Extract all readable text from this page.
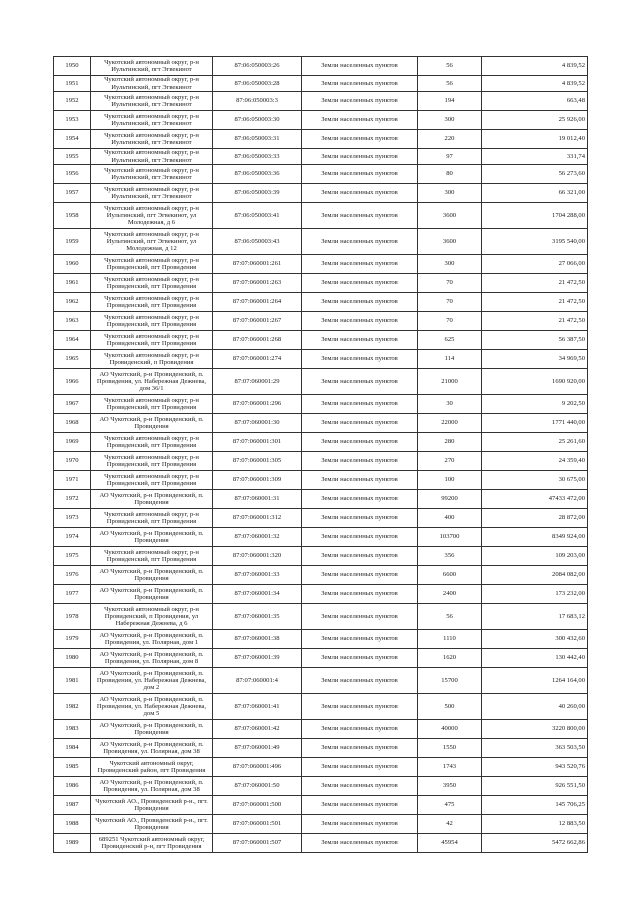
1950	Чукотский автономный округ, р-н Иультинский, пгт Эгвекинот	87:06:050003:26	Земли населенных пунктов	56	4 839,52
1951	Чукотский автономный округ, р-н Иультинский, пгт Эгвекинот	87:06:050003:28	Земли населенных пунктов	56	4 839,52
1952	Чукотский автономный округ, р-н Иультинский, пгт Эгвекинот	87:06:050003:3	Земли населенных пунктов	194	663,48
1953	Чукотский автономный округ, р-н Иультинский, пгт Эгвекинот	87:06:050003:30	Земли населенных пунктов	300	25 926,00
1954	Чукотский автономный округ, р-н Иультинский, пгт Эгвекинот	87:06:050003:31	Земли населенных пунктов	220	19 012,40
1955	Чукотский автономный округ, р-н Иультинский, пгт Эгвекинот	87:06:050003:33	Земли населенных пунктов	97	331,74
1956	Чукотский автономный округ, р-н Иультинский, пгт Эгвекинот	87:06:050003:36	Земли населенных пунктов	80	56 273,60
1957	Чукотский автономный округ, р-н Иультинский, пгт Эгвекинот	87:06:050003:39	Земли населенных пунктов	300	66 321,00
1958	Чукотский автономный округ, р-н Иультинский, пгт Эгвекинот, ул Молодежная, д 6	87:06:050003:41	Земли населенных пунктов	3600	1704 288,00
1959	Чукотский автономный округ, р-н Иультинский, пгт Эгвекинот, ул Молодежная, д 12	87:06:050003:43	Земли населенных пунктов	3600	3195 540,00
1960	Чукотский автономный округ, р-н Провиденский, пгт Провидения	87:07:060001:261	Земли населенных пунктов	300	27 066,00
1961	Чукотский автономный округ, р-н Провиденский, пгт Провидения	87:07:060001:263	Земли населенных пунктов	70	21 472,50
1962	Чукотский автономный округ, р-н Провиденский, пгт Провидения	87:07:060001:264	Земли населенных пунктов	70	21 472,50
1963	Чукотский автономный округ, р-н Провиденский, пгт Провидения	87:07:060001:267	Земли населенных пунктов	70	21 472,50
1964	Чукотский автономный округ, р-н Провиденский, пгт Провидения	87:07:060001:268	Земли населенных пунктов	625	56 387,50
1965	Чукотский автономный округ, р-н Провиденский, п Провидения	87:07:060001:274	Земли населенных пунктов	114	34 969,50
1966	АО Чукотский, р-н Провиденский, п. Провидения, ул. Набережная Дежнева, дом 36/1	87:07:060001:29	Земли населенных пунктов	21000	1690 920,00
1967	Чукотский автономный округ, р-н Провиденский, пгт Провидения	87:07:060001:296	Земли населенных пунктов	30	9 202,50
1968	АО Чукотский, р-н Провиденский, п. Провидения	87:07:060001:30	Земли населенных пунктов	22000	1771 440,00
1969	Чукотский автономный округ, р-н Провиденский, пгт Провидения	87:07:060001:301	Земли населенных пунктов	280	25 261,60
1970	Чукотский автономный округ, р-н Провиденский, пгт Провидения	87:07:060001:305	Земли населенных пунктов	270	24 359,40
1971	Чукотский автономный округ, р-н Провиденский, пгт Провидения	87:07:060001:309	Земли населенных пунктов	100	30 675,00
1972	АО Чукотский, р-н Провиденский, п. Провидения	87:07:060001:31	Земли населенных пунктов	99200	47433 472,00
1973	Чукотский автономный округ, р-н Провиденский, пгт Провидения	87:07:060001:312	Земли населенных пунктов	400	28 872,00
1974	АО Чукотский, р-н Провиденский, п. Провидения	87:07:060001:32	Земли населенных пунктов	103700	8349 924,00
1975	Чукотский автономный округ, р-н Провиденский, пгт Провидения	87:07:060001:320	Земли населенных пунктов	356	109 203,00
1976	АО Чукотский, р-н Провиденский, п. Провидения	87:07:060001:33	Земли населенных пунктов	6600	2084 082,00
1977	АО Чукотский, р-н Провиденский, п. Провидения	87:07:060001:34	Земли населенных пунктов	2400	173 232,00
1978	Чукотский автономный округ, р-н Провиденский, п Провидения, ул Набережная Дежнева, д 6	87:07:060001:35	Земли населенных пунктов	56	17 683,12
1979	АО Чукотский, р-н Провиденский, п. Провидения, ул. Полярная, дом 1	87:07:060001:38	Земли населенных пунктов	1110	300 432,60
1980	АО Чукотский, р-н Провиденский, п. Провидения, ул. Полярная, дом 8	87:07:060001:39	Земли населенных пунктов	1620	130 442,40
1981	АО Чукотский, р-н Провиденский, п. Провидения, ул. Набережная Дежнева, дом 2	87:07:060001:4	Земли населенных пунктов	15700	1264 164,00
1982	АО Чукотский, р-н Провиденский, п. Провидения, ул. Набережная Дежнева, дом 5	87:07:060001:41	Земли населенных пунктов	500	40 260,00
1983	АО Чукотский, р-н Провиденский, п. Провидения	87:07:060001:42	Земли населенных пунктов	40000	3220 800,00
1984	АО Чукотский, р-н Провиденский, п. Провидения, ул. Полярная, дом 38	87:07:060001:49	Земли населенных пунктов	1550	363 503,50
1985	Чукотский автономный округ, Провиденский район, пгт Провидения	87:07:060001:496	Земли населенных пунктов	1743	943 520,76
1986	АО Чукотский, р-н Провиденский, п. Провидения, ул. Полярная, дом 38	87:07:060001:50	Земли населенных пунктов	3950	926 551,50
1987	Чукотский АО., Провиденский р-н., пгт. Провидения	87:07:060001:500	Земли населенных пунктов	475	145 706,25
1988	Чукотский АО., Провиденский р-н., пгт. Провидения	87:07:060001:501	Земли населенных пунктов	42	12 883,50
1989	689251 Чукотский автономный округ, Провиденский р-н, пгт Провидения	87:07:060001:507	Земли населенных пунктов	45954	5472 662,86
